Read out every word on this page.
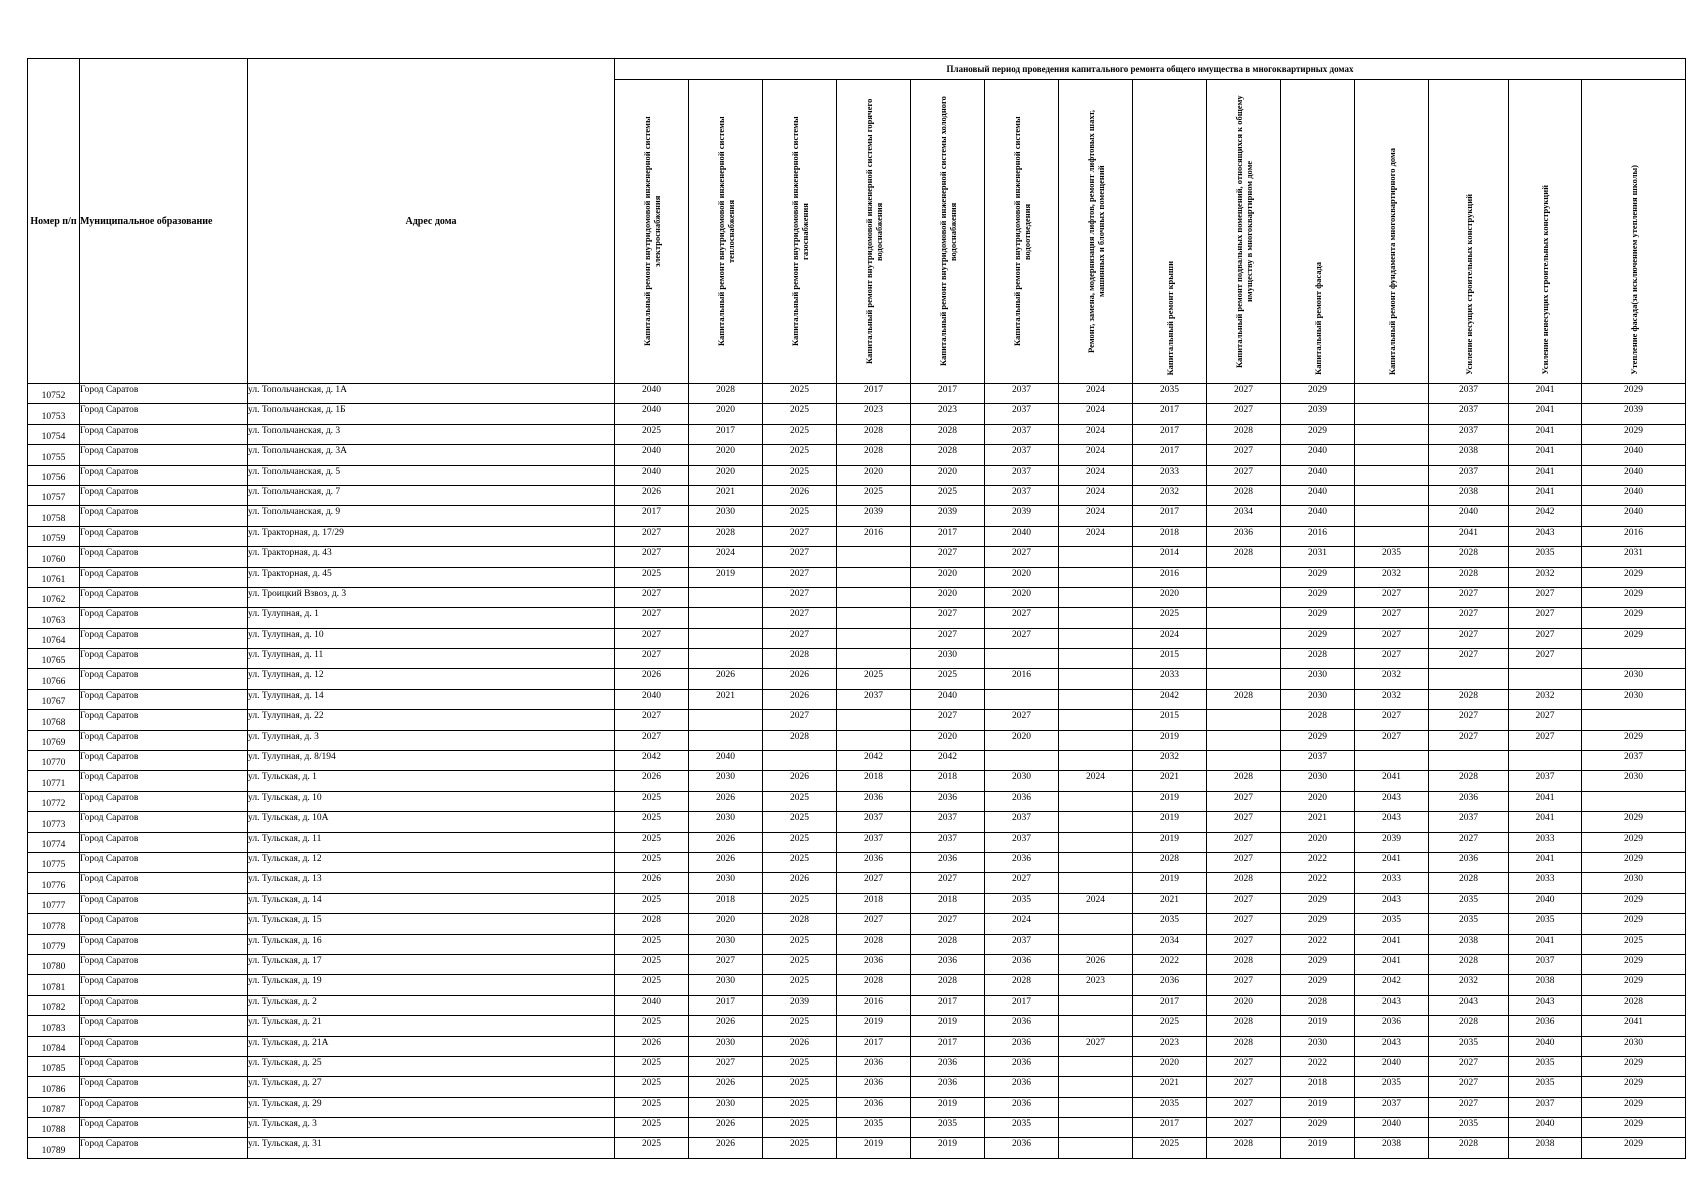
Номер п/п	Муниципальное образование	Адрес дома	Плановый период проведения капитального ремонта общего имущества в многоквартирных домах													

			Капитальный ремонт внутридомовой инженерной системы электроснабжения	Капитальный ремонт внутридомовой инженерной системы теплоснабжения	Капитальный ремонт внутридомовой инженерной системы газоснабжения	Капитальный ремонт внутридомовой инженерной системы горячего водоснабжения	Капитальный ремонт внутридомовой инженерной системы холодного водоснабжения	Капитальный ремонт внутридомовой инженерной системы водоотведения	Ремонт, замена, модернизация лифтов, ремонт лифтовых шахт, машинных и блочных помещений	Капитальный ремонт крыши	Капитальный ремонт подвальных помещений, относящихся к общему имуществу в многоквартирном доме	Капитальный ремонт фасада	Капитальный ремонт фундамента многоквартирного дома	Усиление несущих строительных конструкций	Усиление ненесущих строительных конструкций	Утепление фасада(за исключением утепления школы)

10752	Город Саратов	ул. Топольчанская, д. 1А	2040	2028	2025	2017	2017	2037	2024	2035	2027	2029		2037	2041	2029
10753	Город Саратов	ул. Топольчанская, д. 1Б	2040	2020	2025	2023	2023	2037	2024	2017	2027	2039		2037	2041	2039
10754	Город Саратов	ул. Топольчанская, д. 3	2025	2017	2025	2028	2028	2037	2024	2017	2028	2029		2037	2041	2029
10755	Город Саратов	ул. Топольчанская, д. 3А	2040	2020	2025	2028	2028	2037	2024	2017	2027	2040		2038	2041	2040
10756	Город Саратов	ул. Топольчанская, д. 5	2040	2020	2025	2020	2020	2037	2024	2033	2027	2040		2037	2041	2040
10757	Город Саратов	ул. Топольчанская, д. 7	2026	2021	2026	2025	2025	2037	2024	2032	2028	2040		2038	2041	2040
10758	Город Саратов	ул. Топольчанская, д. 9	2017	2030	2025	2039	2039	2039	2024	2017	2034	2040		2040	2042	2040
10759	Город Саратов	ул. Тракторная, д. 17/29	2027	2028	2027	2016	2017	2040	2024	2018	2036	2016		2041	2043	2016
10760	Город Саратов	ул. Тракторная, д. 43	2027	2024	2027		2027	2027		2014	2028	2031	2035	2028	2035	2031
10761	Город Саратов	ул. Тракторная, д. 45	2025	2019	2027		2020	2020		2016		2029	2032	2028	2032	2029
10762	Город Саратов	ул. Троицкий Взвоз, д. 3	2027		2027		2020	2020		2020		2029	2027	2027	2027	2029
10763	Город Саратов	ул. Тулупная, д. 1	2027		2027		2027	2027		2025		2029	2027	2027	2027	2029
10764	Город Саратов	ул. Тулупная, д. 10	2027		2027		2027	2027		2024		2029	2027	2027	2027	2029
10765	Город Саратов	ул. Тулупная, д. 11	2027		2028		2030			2015		2028	2027	2027	2027	
10766	Город Саратов	ул. Тулупная, д. 12	2026	2026	2026	2025	2025	2016		2033		2030	2032			2030
10767	Город Саратов	ул. Тулупная, д. 14	2040	2021	2026	2037	2040			2042	2028	2030	2032	2028	2032	2030
10768	Город Саратов	ул. Тулупная, д. 22	2027		2027		2027	2027		2015		2028	2027	2027	2027	
10769	Город Саратов	ул. Тулупная, д. 3	2027		2028		2020	2020		2019		2029	2027	2027	2027	2029
10770	Город Саратов	ул. Тулупная, д. 8/194	2042	2040		2042	2042			2032		2037				2037
10771	Город Саратов	ул. Тульская, д. 1	2026	2030	2026	2018	2018	2030	2024	2021	2028	2030	2041	2028	2037	2030
10772	Город Саратов	ул. Тульская, д. 10	2025	2026	2025	2036	2036	2036		2019	2027	2020	2043	2036	2041	
10773	Город Саратов	ул. Тульская, д. 10А	2025	2030	2025	2037	2037	2037		2019	2027	2021	2043	2037	2041	2029
10774	Город Саратов	ул. Тульская, д. 11	2025	2026	2025	2037	2037	2037		2019	2027	2020	2039	2027	2033	2029
10775	Город Саратов	ул. Тульская, д. 12	2025	2026	2025	2036	2036	2036		2028	2027	2022	2041	2036	2041	2029
10776	Город Саратов	ул. Тульская, д. 13	2026	2030	2026	2027	2027	2027		2019	2028	2022	2033	2028	2033	2030
10777	Город Саратов	ул. Тульская, д. 14	2025	2018	2025	2018	2018	2035	2024	2021	2027	2029	2043	2035	2040	2029
10778	Город Саратов	ул. Тульская, д. 15	2028	2020	2028	2027	2027	2024		2035	2027	2029	2035	2035	2035	2029
10779	Город Саратов	ул. Тульская, д. 16	2025	2030	2025	2028	2028	2037		2034	2027	2022	2041	2038	2041	2025
10780	Город Саратов	ул. Тульская, д. 17	2025	2027	2025	2036	2036	2036	2026	2022	2028	2029	2041	2028	2037	2029
10781	Город Саратов	ул. Тульская, д. 19	2025	2030	2025	2028	2028	2028	2023	2036	2027	2029	2042	2032	2038	2029
10782	Город Саратов	ул. Тульская, д. 2	2040	2017	2039	2016	2017	2017		2017	2020	2028	2043	2043	2043	2028
10783	Город Саратов	ул. Тульская, д. 21	2025	2026	2025	2019	2019	2036		2025	2028	2019	2036	2028	2036	2041
10784	Город Саратов	ул. Тульская, д. 21А	2026	2030	2026	2017	2017	2036	2027	2023	2028	2030	2043	2035	2040	2030
10785	Город Саратов	ул. Тульская, д. 25	2025	2027	2025	2036	2036	2036		2020	2027	2022	2040	2027	2035	2029
10786	Город Саратов	ул. Тульская, д. 27	2025	2026	2025	2036	2036	2036		2021	2027	2018	2035	2027	2035	2029
10787	Город Саратов	ул. Тульская, д. 29	2025	2030	2025	2036	2019	2036		2035	2027	2019	2037	2027	2037	2029
10788	Город Саратов	ул. Тульская, д. 3	2025	2026	2025	2035	2035	2035		2017	2027	2029	2040	2035	2040	2029
10789	Город Саратов	ул. Тульская, д. 31	2025	2026	2025	2019	2019	2036		2025	2028	2019	2038	2028	2038	2029
